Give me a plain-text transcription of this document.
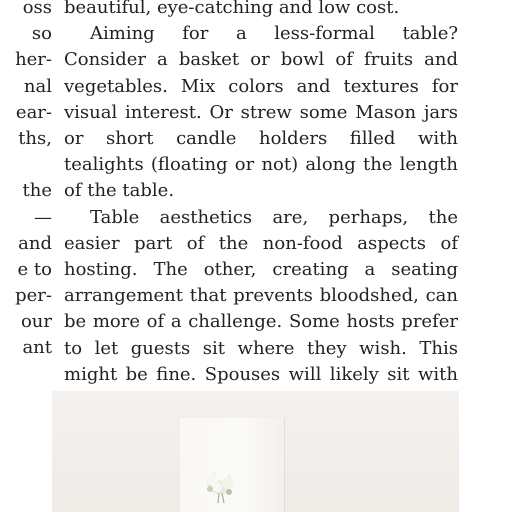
oss
so
her-
nal
ear-
ths,
the
—
and
e to
per-
our
ant

beautiful, eye-catching and low cost.

Aiming for a less-formal table? Consider a basket or bowl of fruits and vegetables. Mix colors and textures for visual interest. Or strew some Mason jars or short candle holders filled with tealights (floating or not) along the length of the table.

Table aesthetics are, perhaps, the easier part of the non-food aspects of hosting. The other, creating a seating arrangement that prevents bloodshed, can be more of a challenge. Some hosts prefer to let guests sit where they wish. This might be fine. Spouses will likely sit with
